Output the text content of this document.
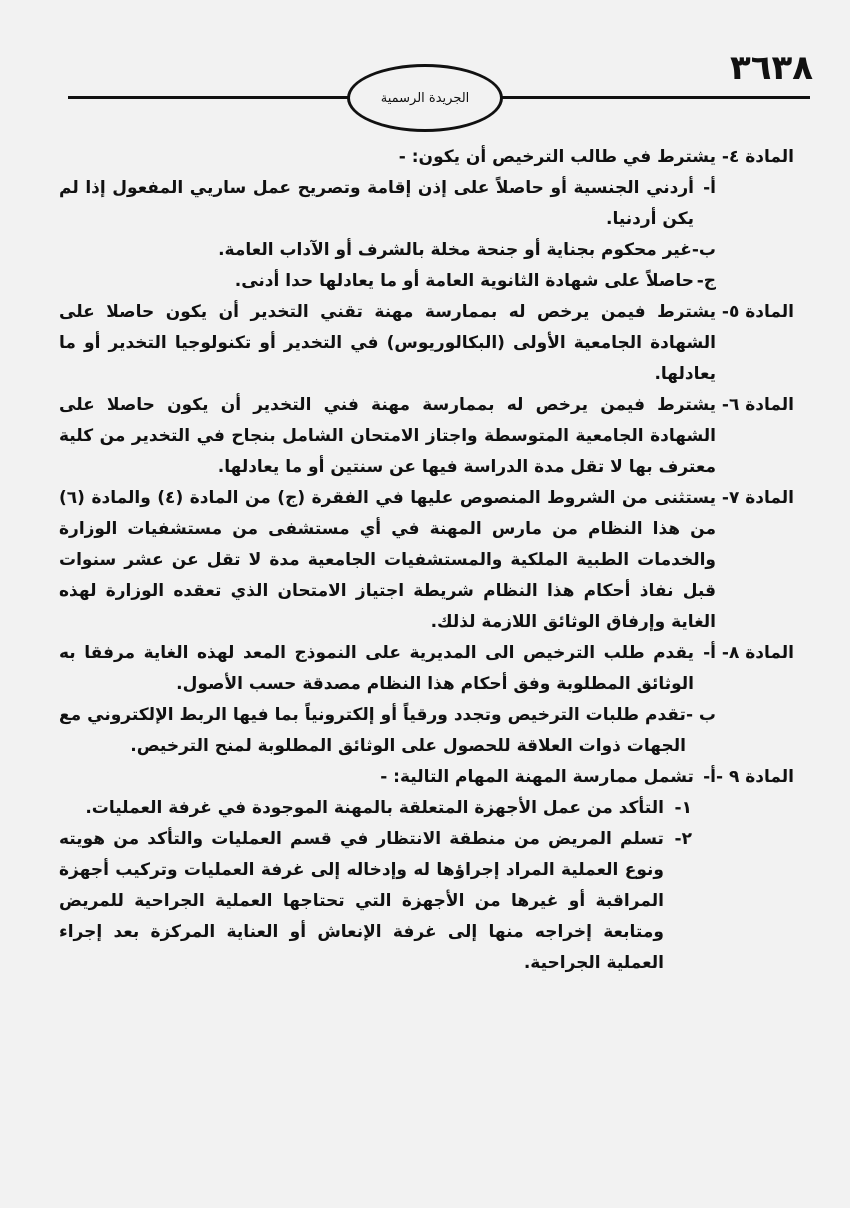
٣٦٣٨
الجريدة الرسمية
المادة ٤-

يشترط في طالب الترخيص أن يكون: -

أ-
أردني الجنسية أو حاصلاً على إذن إقامة وتصريح عمل ساريي المفعول إذا لم يكن أردنيا.
ب-
غير محكوم بجناية أو جنحة مخلة بالشرف أو الآداب العامة.
ج-
حاصلاً على شهادة الثانوية العامة أو ما يعادلها حدا أدنى.
المادة ٥-

يشترط فيمن يرخص له بممارسة مهنة تقني التخدير أن يكون حاصلا على الشهادة الجامعية الأولى (البكالوريوس) في التخدير أو تكنولوجيا التخدير أو ما يعادلها.

المادة ٦-

يشترط فيمن يرخص له بممارسة مهنة فني التخدير أن يكون حاصلا على الشهادة الجامعية المتوسطة واجتاز الامتحان الشامل بنجاح في التخدير من كلية معترف بها لا تقل مدة الدراسة فيها عن سنتين أو ما يعادلها.

المادة ٧-

يستثنى من الشروط المنصوص عليها في الفقرة (ج) من المادة (٤) والمادة (٦) من هذا النظام من مارس المهنة في أي مستشفى من مستشفيات الوزارة والخدمات الطبية الملكية والمستشفيات الجامعية مدة لا تقل عن عشر سنوات قبل نفاذ أحكام هذا النظام شريطة اجتياز الامتحان الذي تعقده الوزارة لهذه الغاية وإرفاق الوثائق اللازمة لذلك.

المادة ٨-
أ-
يقدم طلب الترخيص الى المديرية على النموذج المعد لهذه الغاية مرفقا به الوثائق المطلوبة وفق أحكام هذا النظام مصدقة حسب الأصول.
ب -
تقدم طلبات الترخيص وتجدد ورقياً أو إلكترونياً بما فيها الربط الإلكتروني مع الجهات ذوات العلاقة للحصول على الوثائق المطلوبة لمنح الترخيص.
المادة ٩ -
أ-
تشمل ممارسة المهنة المهام التالية: -
١-
التأكد من عمل الأجهزة المتعلقة بالمهنة الموجودة في غرفة العمليات.
٢-
تسلم المريض من منطقة الانتظار في قسم العمليات والتأكد من هويته ونوع العملية المراد إجراؤها له وإدخاله إلى غرفة العمليات وتركيب أجهزة المراقبة أو غيرها من الأجهزة التي تحتاجها العملية الجراحية للمريض ومتابعة إخراجه منها إلى غرفة الإنعاش أو العناية المركزة بعد إجراء العملية الجراحية.
